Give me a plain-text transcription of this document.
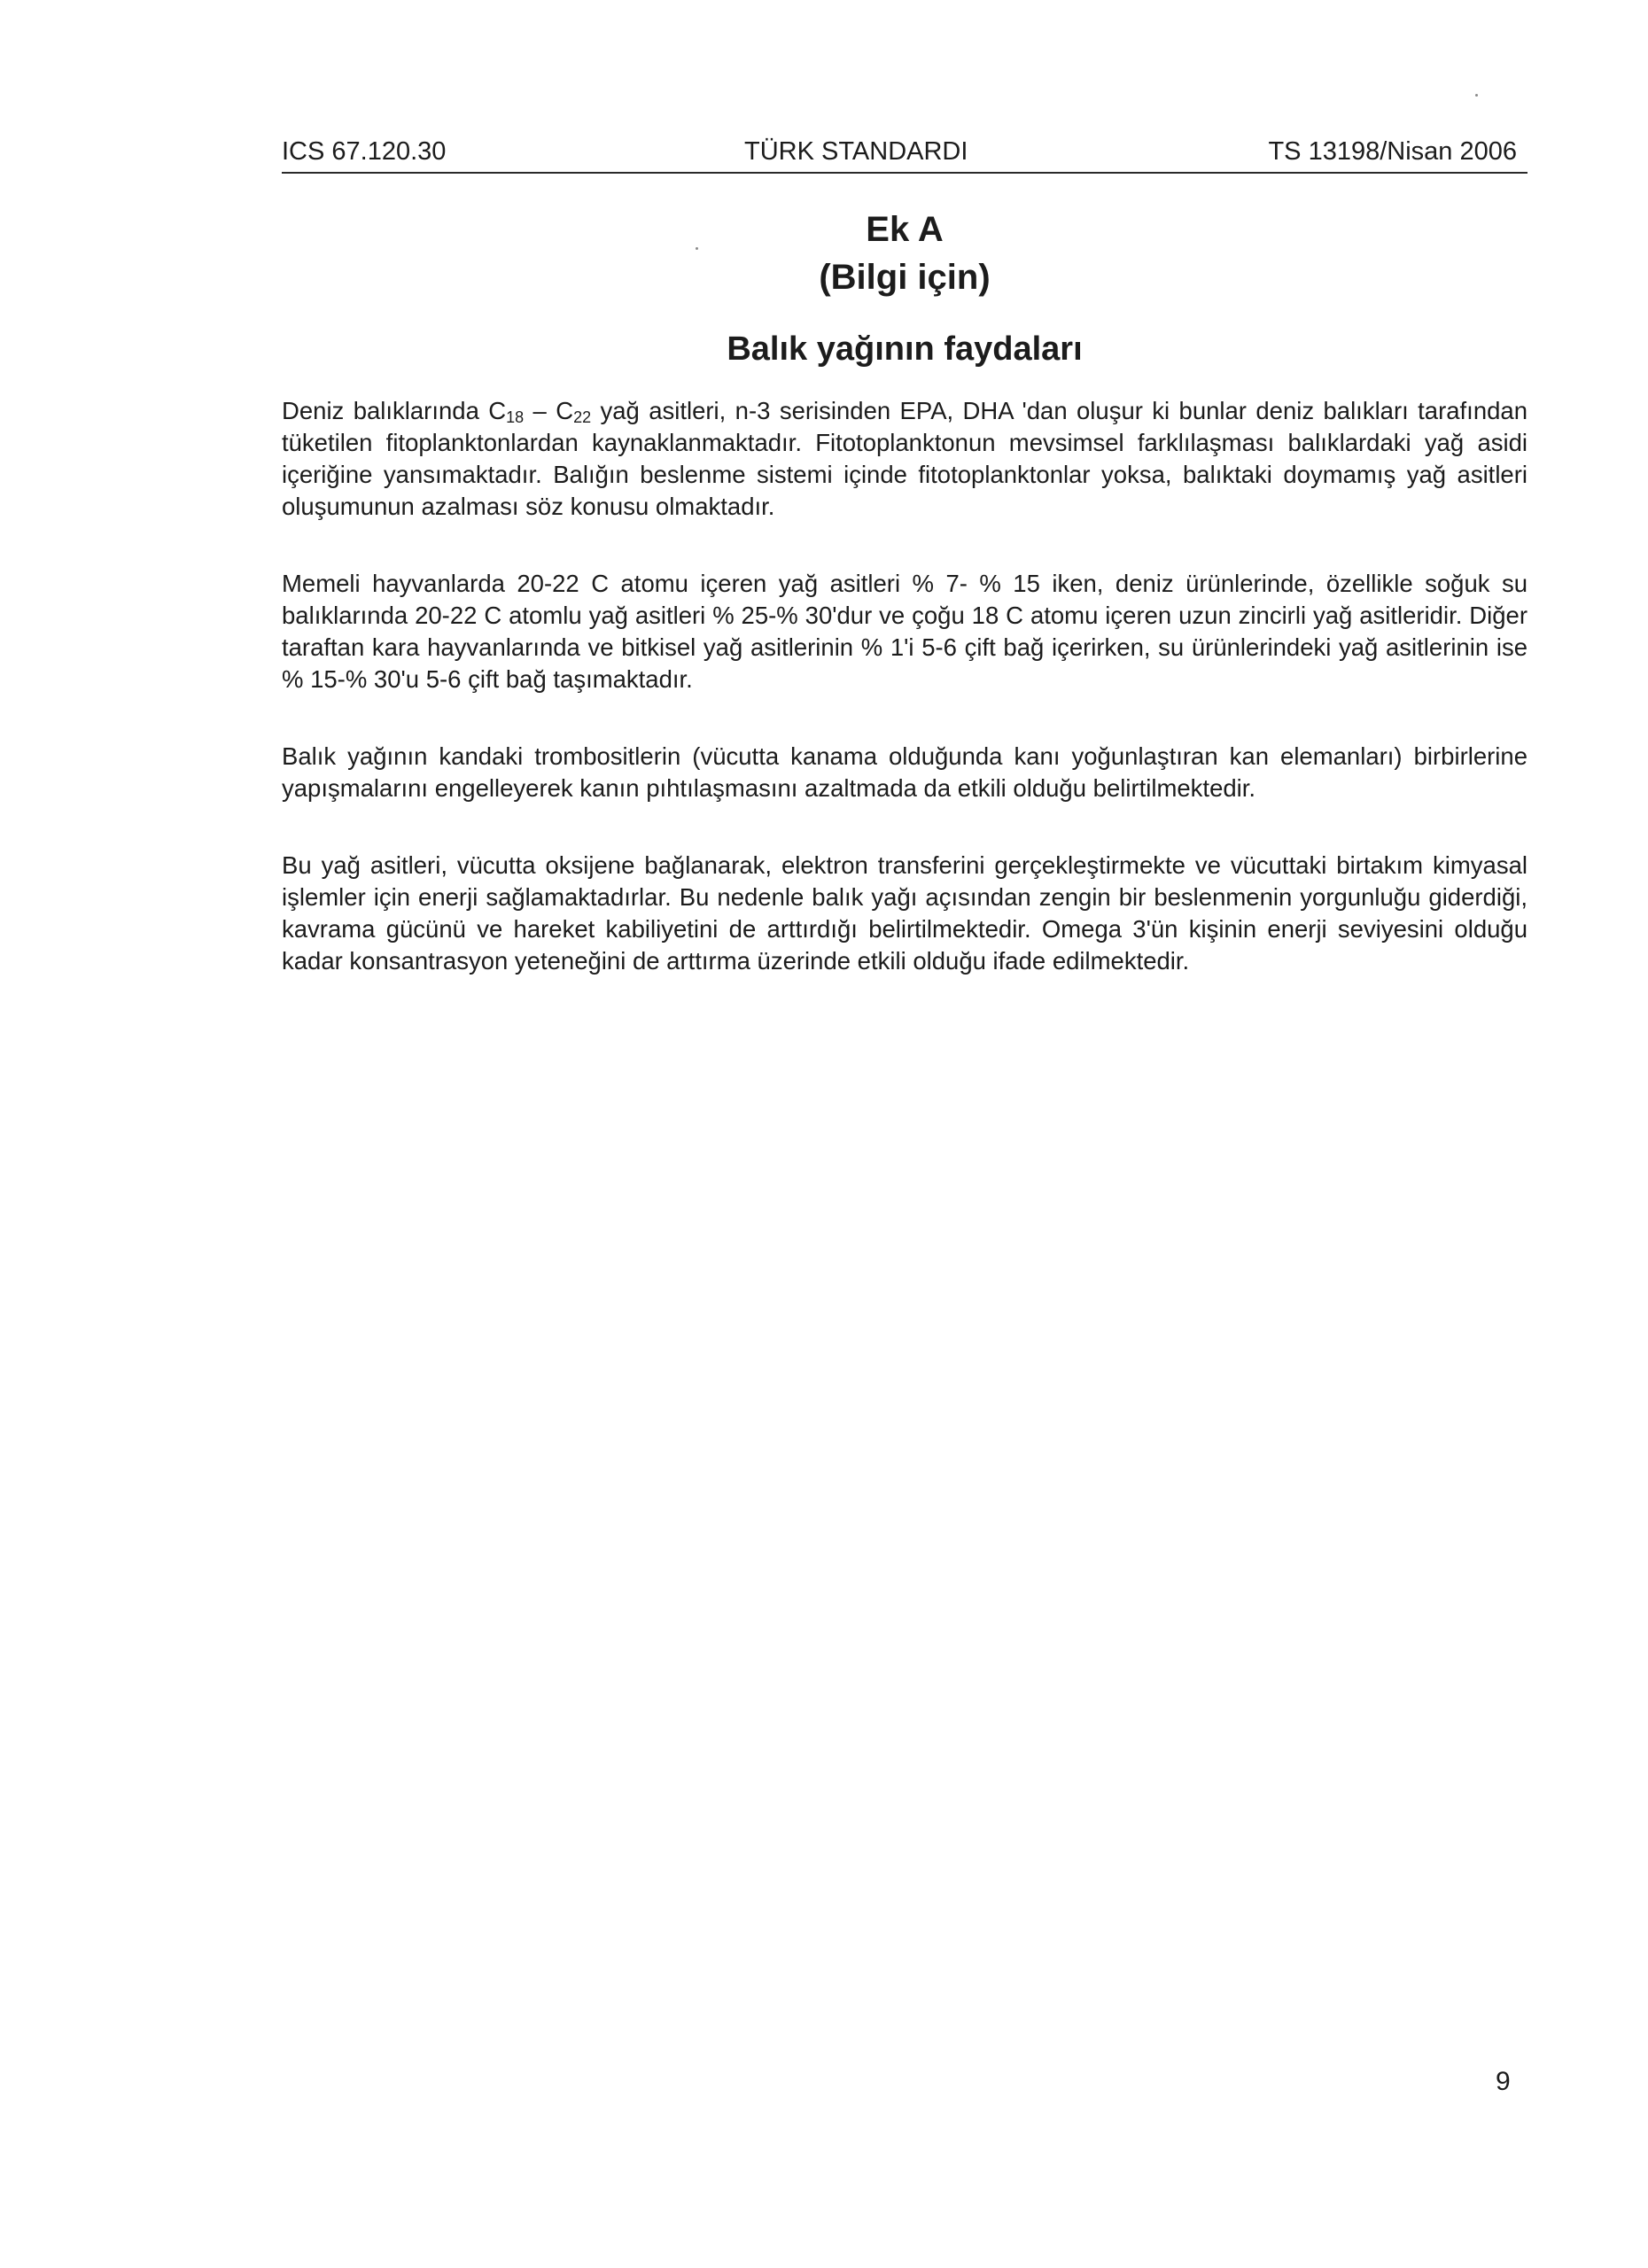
ICS 67.120.30	TÜRK STANDARDI	TS 13198/Nisan 2006
Ek A
(Bilgi için)
Balık yağının faydaları

Deniz balıklarında $C_{18} - C_{22}$ yağ asitleri, n-3 serisinden EPA, DHA 'dan oluşur ki bunlar deniz balıkları tarafından tüketilen fitoplanktonlardan kaynaklanmaktadır. Fitotoplanktonun mevsimsel farklılaşması balıklardaki yağ asidi içeriğine yansımaktadır. Balığın beslenme sistemi içinde fitotoplanktonlar yoksa, balıktaki doymamış yağ asitleri oluşumunun azalması söz konusu olmaktadır.

Memeli hayvanlarda 20-22 C atomu içeren yağ asitleri % 7- % 15 iken, deniz ürünlerinde, özellikle soğuk su balıklarında 20-22 C atomlu yağ asitleri % 25-% 30'dur ve çoğu 18 C atomu içeren uzun zincirli yağ asitleridir. Diğer taraftan kara hayvanlarında ve bitkisel yağ asitlerinin % 1'i 5-6 çift bağ içerirken, su ürünlerindeki yağ asitlerinin ise % 15-% 30'u 5-6 çift bağ taşımaktadır.

Balık yağının kandaki trombositlerin (vücutta kanama olduğunda kanı yoğunlaştıran kan elemanları) birbirlerine yapışmalarını engelleyerek kanın pıhtılaşmasını azaltmada da etkili olduğu belirtilmektedir.

Bu yağ asitleri, vücutta oksijene bağlanarak, elektron transferini gerçekleştirmekte ve vücuttaki birtakım kimyasal işlemler için enerji sağlamaktadırlar. Bu nedenle balık yağı açısından zengin bir beslenmenin yorgunluğu giderdiği, kavrama gücünü ve hareket kabiliyetini de arttırdığı belirtilmektedir. Omega 3'ün kişinin enerji seviyesini olduğu kadar konsantrasyon yeteneğini de arttırma üzerinde etkili olduğu ifade edilmektedir.

9
